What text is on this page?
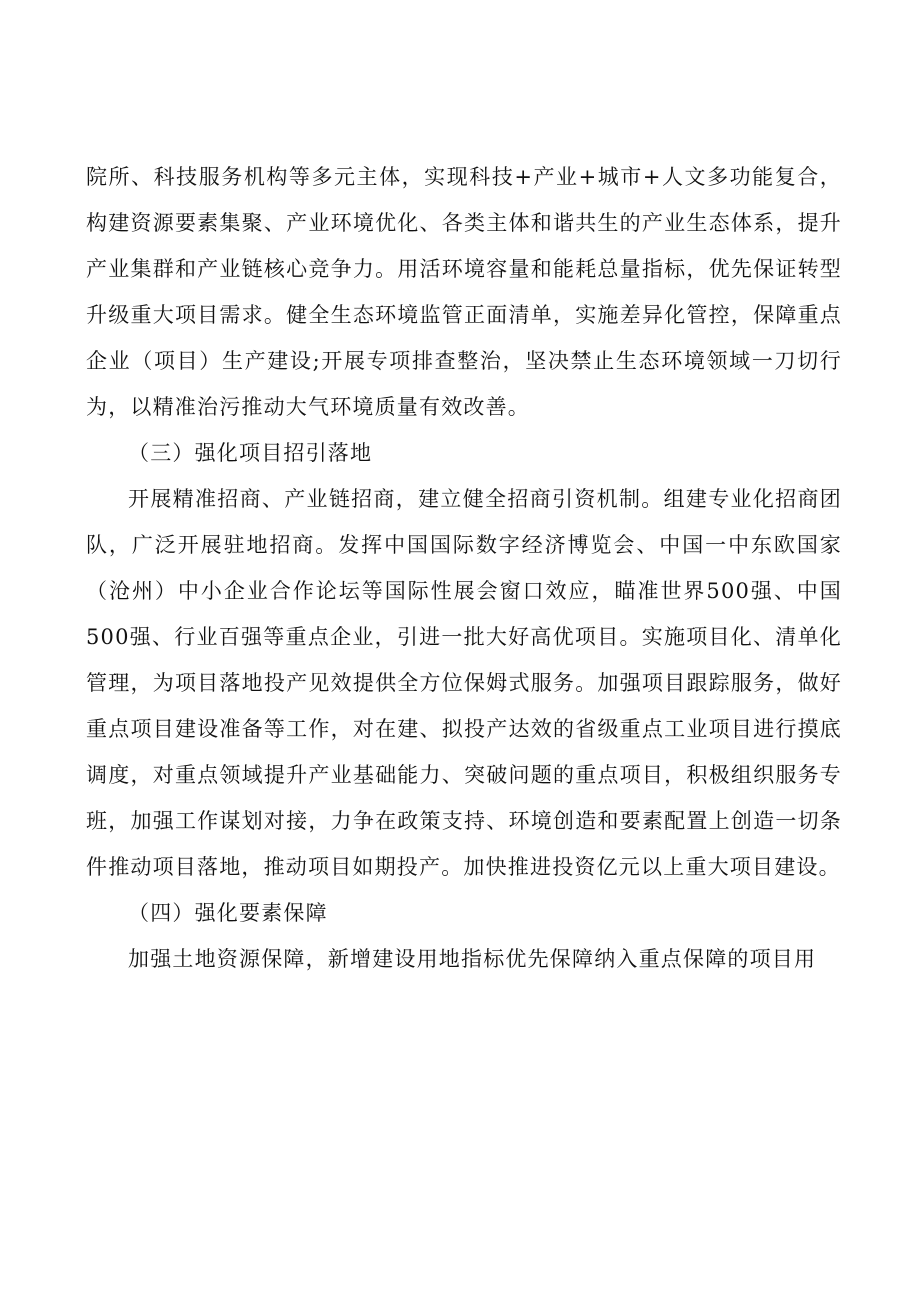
院所、科技服务机构等多元主体，实现科技+产业+城市+人文多功能复合，构建资源要素集聚、产业环境优化、各类主体和谐共生的产业生态体系，提升产业集群和产业链核心竞争力。用活环境容量和能耗总量指标，优先保证转型升级重大项目需求。健全生态环境监管正面清单，实施差异化管控，保障重点企业（项目）生产建设;开展专项排查整治，坚决禁止生态环境领域一刀切行为，以精准治污推动大气环境质量有效改善。

（三）强化项目招引落地

开展精准招商、产业链招商，建立健全招商引资机制。组建专业化招商团队，广泛开展驻地招商。发挥中国国际数字经济博览会、中国一中东欧国家（沧州）中小企业合作论坛等国际性展会窗口效应，瞄准世界500强、中国500强、行业百强等重点企业，引进一批大好高优项目。实施项目化、清单化管理，为项目落地投产见效提供全方位保姆式服务。加强项目跟踪服务，做好重点项目建设准备等工作，对在建、拟投产达效的省级重点工业项目进行摸底调度，对重点领域提升产业基础能力、突破问题的重点项目，积极组织服务专班，加强工作谋划对接，力争在政策支持、环境创造和要素配置上创造一切条件推动项目落地，推动项目如期投产。加快推进投资亿元以上重大项目建设。

（四）强化要素保障

加强土地资源保障，新增建设用地指标优先保障纳入重点保障的项目用
